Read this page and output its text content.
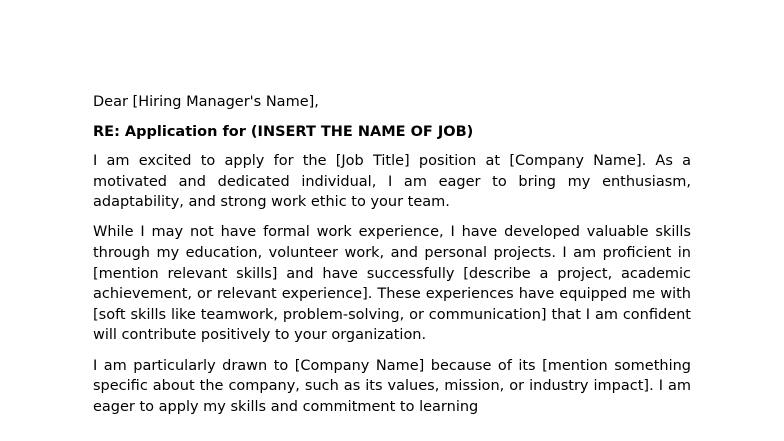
Dear [Hiring Manager's Name],

RE: Application for (INSERT THE NAME OF JOB)

I am excited to apply for the [Job Title] position at [Company Name]. As a motivated and dedicated individual, I am eager to bring my enthusiasm, adaptability, and strong work ethic to your team.

While I may not have formal work experience, I have developed valuable skills through my education, volunteer work, and personal projects. I am proficient in [mention relevant skills] and have successfully [describe a project, academic achievement, or relevant experience]. These experiences have equipped me with [soft skills like teamwork, problem-solving, or communication] that I am confident will contribute positively to your organization.

I am particularly drawn to [Company Name] because of its [mention something specific about the company, such as its values, mission, or industry impact]. I am eager to apply my skills and commitment to learning
